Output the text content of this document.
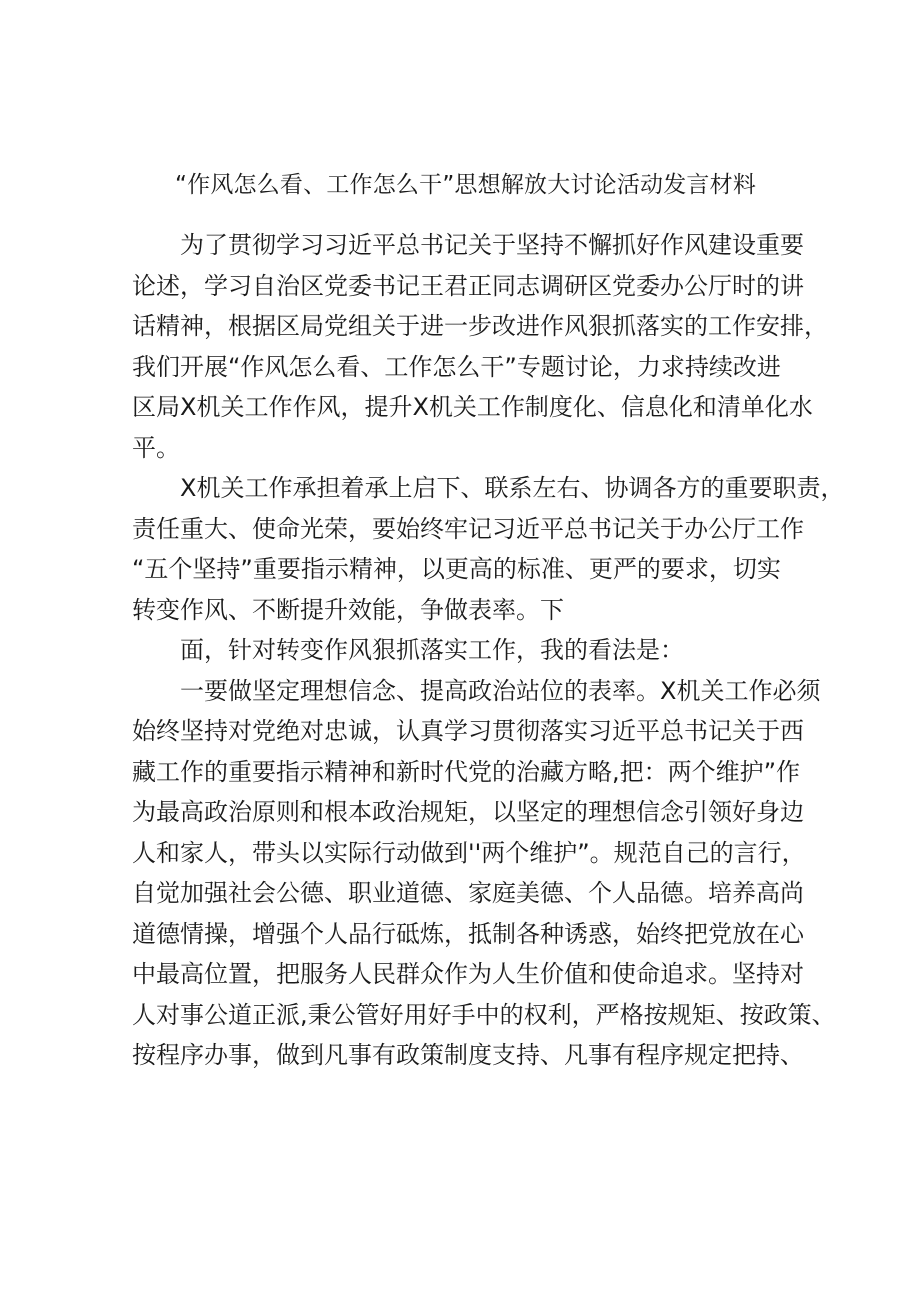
“作风怎么看、工作怎么干”思想解放大讨论活动发言材料
为了贯彻学习习近平总书记关于坚持不懈抓好作风建设重要
论述，学习自治区党委书记王君正同志调研区党委办公厅时的讲
话精神，根据区局党组关于进一步改进作风狠抓落实的工作安排，
我们开展“作风怎么看、工作怎么干”专题讨论，力求持续改进
区局X机关工作作风，提升X机关工作制度化、信息化和清单化水
平。
X机关工作承担着承上启下、联系左右、协调各方的重要职责，
责任重大、使命光荣，要始终牢记习近平总书记关于办公厅工作
“五个坚持”重要指示精神，以更高的标准、更严的要求，切实
转变作风、不断提升效能，争做表率。下
面，针对转变作风狠抓落实工作，我的看法是：
一要做坚定理想信念、提高政治站位的表率。X机关工作必须
始终坚持对党绝对忠诚，认真学习贯彻落实习近平总书记关于西
藏工作的重要指示精神和新时代党的治藏方略,把：两个维护”作
为最高政治原则和根本政治规矩，以坚定的理想信念引领好身边
人和家人，带头以实际行动做到''两个维护”。规范自己的言行，
自觉加强社会公德、职业道德、家庭美德、个人品德。培养高尚
道德情操，增强个人品行砥炼，抵制各种诱惑，始终把党放在心
中最高位置，把服务人民群众作为人生价值和使命追求。坚持对
人对事公道正派,秉公管好用好手中的权利，严格按规矩、按政策、
按程序办事，做到凡事有政策制度支持、凡事有程序规定把持、
